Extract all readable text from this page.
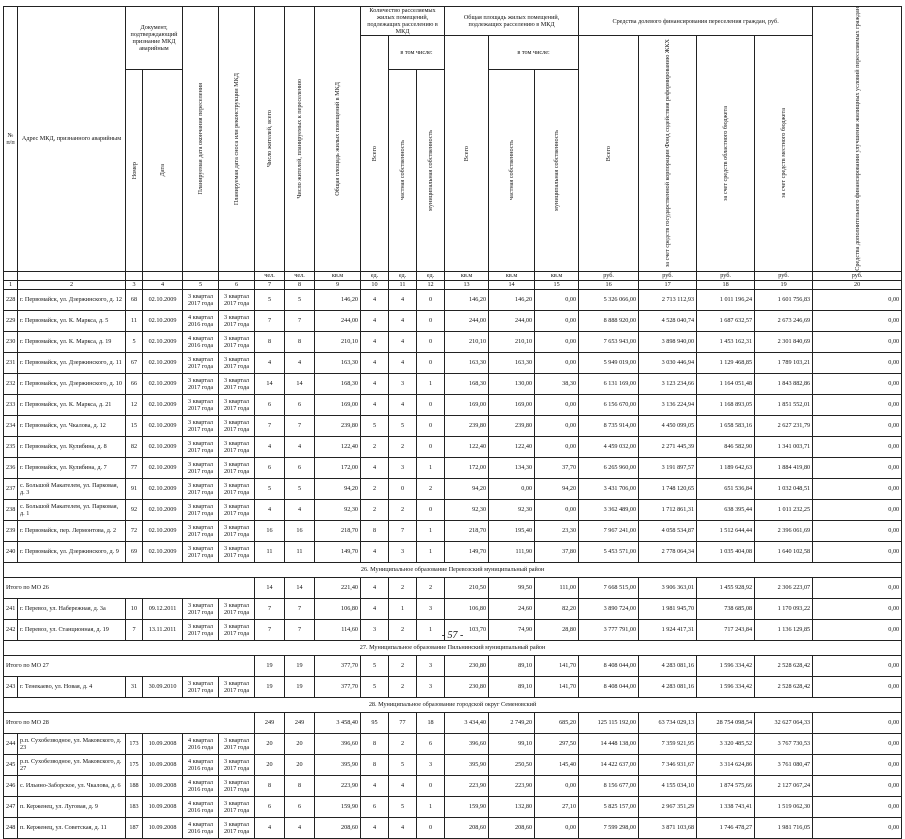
№ п/п	Адрес МКД, признанного аварийным	Документ, подтверждающий признание МКД аварийным		Планируемая дата окончания переселения	Планируемая дата сноса или реконструкции МКД	Число жителей, всего	Число жителей, планируемых к переселению	Общая площадь жилых помещений в МКД	Количество расселяемых жилых помещений, подлежащих расселению в МКД			Общая площадь жилых помещений, подлежащих расселению в МКД			Средства долевого финансирования переселения граждан, руб.				Средства дополнительного финансирования улучшения жилищных условий переселяемых граждан

									Всего	в том числе:		Всего	в том числе:		Всего	за счет средств государственной корпорации Фонд содействия реформированию ЖКХ	за счет средств областного бюджета	за счет средств местного бюджета	

		Номер	Дата							частная собственность	муниципальная собственность		частная собственность	муниципальная собственность					

						чел.	чел.	кв.м	ед.	ед.	ед.	кв.м	кв.м	кв.м	руб.	руб.	руб.	руб.	руб.
1	2	3	4	5	6	7	8	9	10	11	12	13	14	15	16	17	18	19	20
228	г. Первомайск, ул. Дзержинского, д. 12	68	02.10.2009	3 квартал 2017 года	3 квартал 2017 года	5	5	146,20	4	4	0	146,20	146,20	0,00	5 326 066,00	2 713 112,93	1 011 196,24	1 601 756,83	0,00
229	г. Первомайск, ул. К. Маркса, д. 5	11	02.10.2009	4 квартал 2016 года	3 квартал 2017 года	7	7	244,00	4	4	0	244,00	244,00	0,00	8 888 920,00	4 528 040,74	1 687 632,57	2 673 246,69	0,00
230	г. Первомайск, ул. К. Маркса, д. 19	5	02.10.2009	4 квартал 2016 года	3 квартал 2017 года	8	8	210,10	4	4	0	210,10	210,10	0,00	7 653 943,00	3 898 940,00	1 453 162,31	2 301 840,69	0,00
231	г. Первомайск, ул. Дзержинского, д. 11	67	02.10.2009	3 квартал 2017 года	3 квартал 2017 года	4	4	163,30	4	4	0	163,30	163,30	0,00	5 949 019,00	3 030 446,94	1 129 468,85	1 789 103,21	0,00
232	г. Первомайск, ул. Дзержинского, д. 10	66	02.10.2009	3 квартал 2017 года	3 квартал 2017 года	14	14	168,30	4	3	1	168,30	130,00	38,30	6 131 169,00	3 123 234,66	1 164 051,48	1 843 882,86	0,00
233	г. Первомайск, ул. К. Маркса, д. 21	12	02.10.2009	3 квартал 2017 года	3 квартал 2017 года	6	6	169,00	4	4	0	169,00	169,00	0,00	6 156 670,00	3 136 224,94	1 168 893,05	1 851 552,01	0,00
234	г. Первомайск, ул. Чкалова, д. 12	15	02.10.2009	3 квартал 2017 года	3 квартал 2017 года	7	7	239,80	5	5	0	239,80	239,80	0,00	8 735 914,00	4 450 099,05	1 658 583,16	2 627 231,79	0,00
235	г. Первомайск, ул. Кулибина, д. 8	82	02.10.2009	3 квартал 2017 года	3 квартал 2017 года	4	4	122,40	2	2	0	122,40	122,40	0,00	4 459 032,00	2 271 445,39	846 582,90	1 341 003,71	0,00
236	г. Первомайск, ул. Кулибина, д. 7	77	02.10.2009	3 квартал 2017 года	3 квартал 2017 года	6	6	172,00	4	3	1	172,00	134,30	37,70	6 265 960,00	3 191 897,57	1 189 642,63	1 884 419,80	0,00
237	с. Большой Макателем, ул. Парковая, д. 3	91	02.10.2009	3 квартал 2017 года	3 квартал 2017 года	5	5	94,20	2	0	2	94,20	0,00	94,20	3 431 706,00	1 748 120,65	651 536,84	1 032 048,51	0,00
238	с. Большой Макателем, ул. Парковая, д. 1	92	02.10.2009	3 квартал 2017 года	3 квартал 2017 года	4	4	92,30	2	2	0	92,30	92,30	0,00	3 362 489,00	1 712 861,31	638 395,44	1 011 232,25	0,00
239	г. Первомайск, пер. Лермонтова, д. 2	72	02.10.2009	3 квартал 2017 года	3 квартал 2017 года	16	16	218,70	8	7	1	218,70	195,40	23,30	7 967 241,00	4 058 534,87	1 512 644,44	2 396 061,69	0,00
240	г. Первомайск, ул. Дзержинского, д. 9	69	02.10.2009	3 квартал 2017 года	3 квартал 2017 года	11	11	149,70	4	3	1	149,70	111,90	37,80	5 453 571,00	2 778 064,34	1 035 404,08	1 640 102,58	0,00
26. Муниципальное образование Перевозский муниципальный район																			
Итого по МО 26						14	14	221,40	4	2	2	210,50	99,50	111,00	7 668 515,00	3 906 363,01	1 455 928,92	2 306 223,07	0,00
241	г. Перевоз, ул. Набережная, д. 3а	10	09.12.2011	3 квартал 2017 года	3 квартал 2017 года	7	7	106,80	4	1	3	106,80	24,60	82,20	3 890 724,00	1 981 945,70	738 685,08	1 170 093,22	0,00
242	г. Перевоз, ул. Станционная, д. 19	7	13.11.2011	3 квартал 2017 года	3 квартал 2017 года	7	7	114,60	3	2	1	103,70	74,90	28,80	3 777 791,00	1 924 417,31	717 243,84	1 136 129,85	0,00
27. Муниципальное образование Пильнинский муниципальный район																			
Итого по МО 27						19	19	377,70	5	2	3	230,80	89,10	141,70	8 408 044,00	4 283 081,16	1 596 334,42	2 528 628,42	0,00
243	г. Тенекаево, ул. Новая, д. 4	31	30.09.2010	3 квартал 2017 года	3 квартал 2017 года	19	19	377,70	5	2	3	230,80	89,10	141,70	8 408 044,00	4 283 081,16	1 596 334,42	2 528 628,42	0,00
28. Муниципальное образование городской округ Семеновский																			
Итого по МО 28						249	249	3 458,40	95	77	18	3 434,40	2 749,20	685,20	125 115 192,00	63 734 029,13	28 754 098,54	32 627 064,33	0,00
244	р.п. Сухобезводное, ул. Маковского, д. 23	173	10.09.2008	4 квартал 2016 года	3 квартал 2017 года	20	20	396,60	8	2	6	396,60	99,10	297,50	14 448 138,00	7 359 921,95	3 320 485,52	3 767 730,53	0,00
245	р.п. Сухобезводное, ул. Маковского, д. 27	175	10.09.2008	4 квартал 2016 года	3 квартал 2017 года	20	20	395,90	8	5	3	395,90	250,50	145,40	14 422 637,00	7 346 931,67	3 314 624,86	3 761 080,47	0,00
246	с. Ильино-Заборское, ул. Чкалова, д. 6	188	10.09.2008	4 квартал 2016 года	3 квартал 2017 года	8	8	223,90	4	4	0	223,90	223,90	0,00	8 156 677,00	4 155 034,10	1 874 575,66	2 127 067,24	0,00
247	п. Керженец, ул. Луговая, д. 9	183	10.09.2008	4 квартал 2016 года	3 квартал 2017 года	6	6	159,90	6	5	1	159,90	132,80	27,10	5 825 157,00	2 967 351,29	1 338 743,41	1 519 062,30	0,00
248	п. Керженец, ул. Советская, д. 11	187	10.09.2008	4 квартал 2016 года	3 квартал 2017 года	4	4	208,60	4	4	0	208,60	208,60	0,00	7 599 298,00	3 871 103,68	1 746 478,27	1 981 716,05	0,00
- 57 -
